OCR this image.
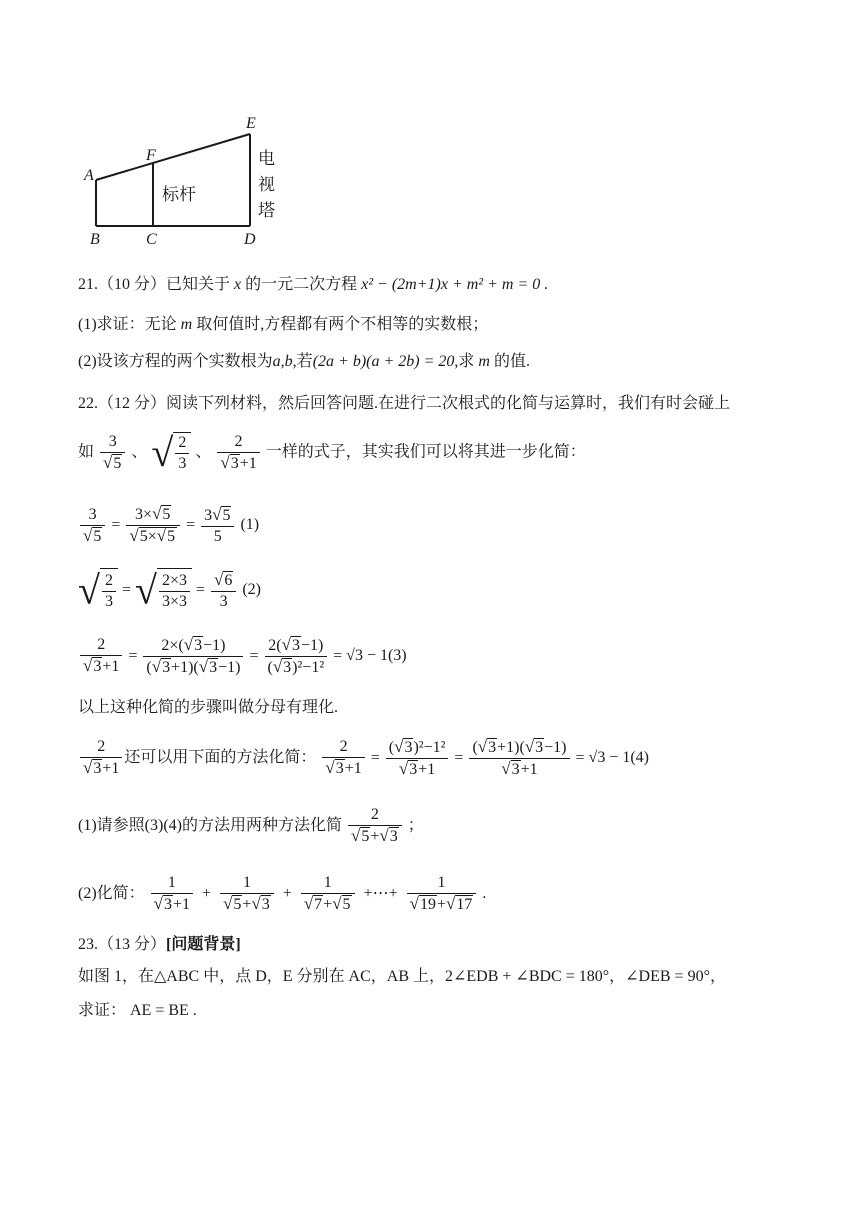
A
B	C	D
E
F
标杆
电
视
塔
21.（10 分）已知关于 x 的一元二次方程 x² − (2m+1)x + m² + m = 0 .
(1)求证：无论 m 取何值时,方程都有两个不相等的实数根；
(2)设该方程的两个实数根为a,b,若(2a + b)(a + 2b) = 20,求 m 的值.
22.（12 分）阅读下列材料，然后回答问题.在进行二次根式的化简与运算时，我们有时会碰上
如 $\frac{3}{√5}$ 、 √ $\frac{2}{3}$ 、 $\frac{2}{√3+1}$ 一样的式子，其实我们可以将其进一步化简：
$\frac{3}{√5} = \frac{3\times√5}{√5\times√5} = \frac{3√5}{5} (1)$
√ $\frac{2}{3}$ = √ $\frac{2\times 3}{3\times 3} = \frac{√6}{3} (2)$
$\frac{2}{√3+1} = \frac{2\times(√3-1)}{(√3+1)(√3-1)} = \frac{2(√3-1)}{\text{(√3)²−1²}} = √3 - 1(3)$
以上这种化简的步骤叫做分母有理化.
$\frac{2}{√3+1}$ 还可以用下面的方法化简： $\frac{2}{√3+1} = \frac{\text{(√3)²−1²}}{√3+1} = \frac{(√3+1)(√3-1)}{√3+1} = √3 - 1(4)$
(1)请参照(3)(4)的方法用两种方法化简 $\frac{2}{√5+√3}$ ；
(2)化简： $\frac{1}{√3+1} + \frac{1}{√5+√3} + \frac{1}{√7+√5}$ +⋯+ $\frac{1}{√19+√17}$ .
23.（13 分）[问题背景]
如图 1，在△ABC 中，点 D，E 分别在 AC，AB 上，2∠EDB + ∠BDC = 180°，∠DEB = 90°，
求证： AE = BE .
